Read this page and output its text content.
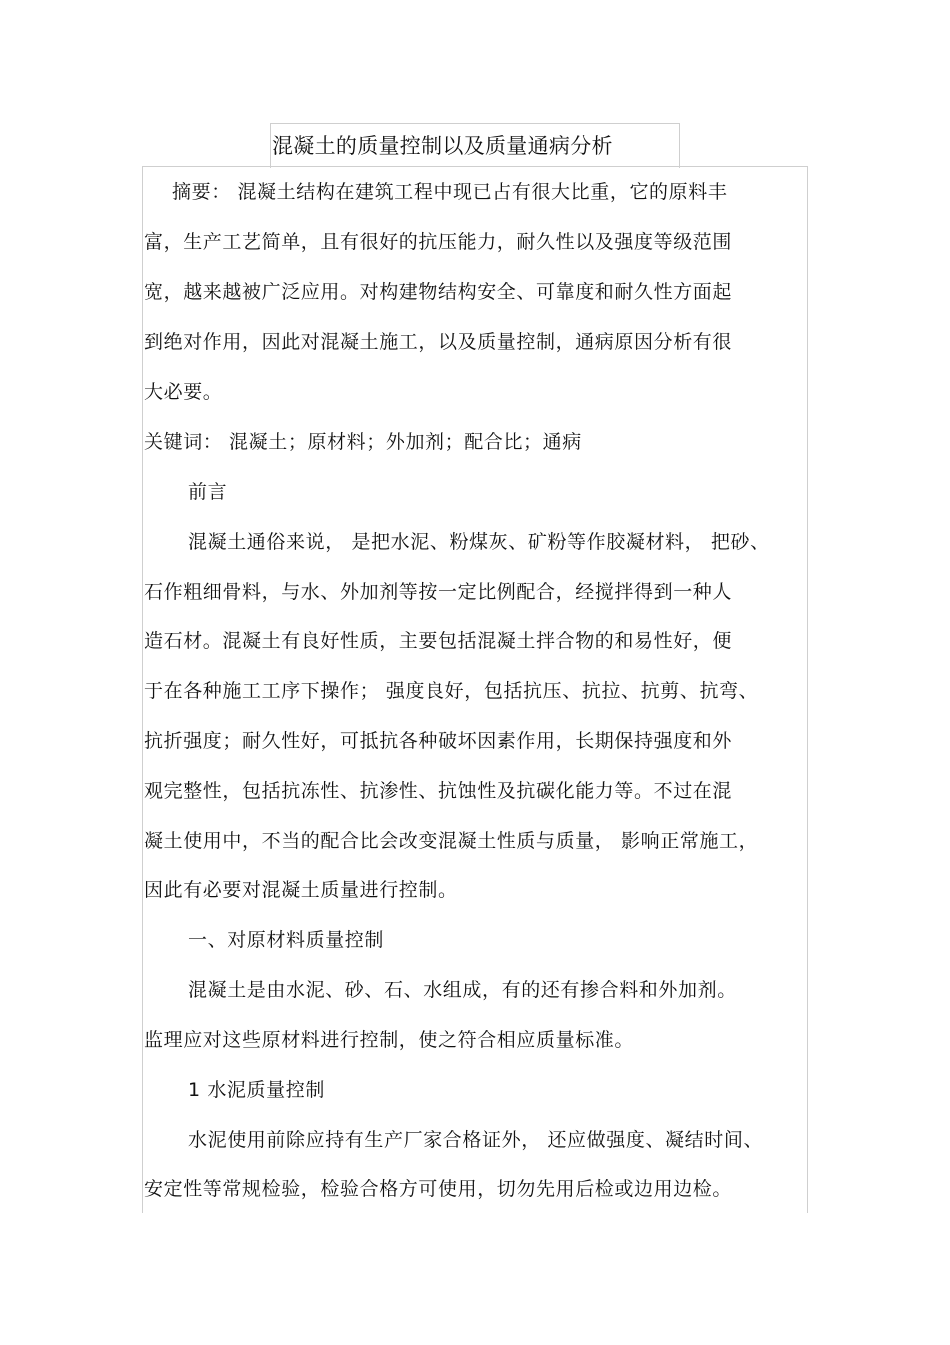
混凝土的质量控制以及质量通病分析
摘要： 混凝土结构在建筑工程中现已占有很大比重，它的原料丰
富，生产工艺简单，且有很好的抗压能力，耐久性以及强度等级范围
宽，越来越被广泛应用。对构建物结构安全、可靠度和耐久性方面起
到绝对作用，因此对混凝土施工，以及质量控制，通病原因分析有很
大必要。
关键词： 混凝土；原材料；外加剂；配合比；通病
前言
混凝土通俗来说， 是把水泥、粉煤灰、矿粉等作胶凝材料， 把砂、
石作粗细骨料，与水、外加剂等按一定比例配合，经搅拌得到一种人
造石材。混凝土有良好性质，主要包括混凝土拌合物的和易性好，便
于在各种施工工序下操作； 强度良好，包括抗压、抗拉、抗剪、抗弯、
抗折强度；耐久性好，可抵抗各种破坏因素作用，长期保持强度和外
观完整性，包括抗冻性、抗渗性、抗蚀性及抗碳化能力等。不过在混
凝土使用中，不当的配合比会改变混凝土性质与质量， 影响正常施工，
因此有必要对混凝土质量进行控制。
一、对原材料质量控制
混凝土是由水泥、砂、石、水组成，有的还有掺合料和外加剂。
监理应对这些原材料进行控制，使之符合相应质量标准。
1 水泥质量控制
水泥使用前除应持有生产厂家合格证外， 还应做强度、凝结时间、
安定性等常规检验，检验合格方可使用，切勿先用后检或边用边检。
